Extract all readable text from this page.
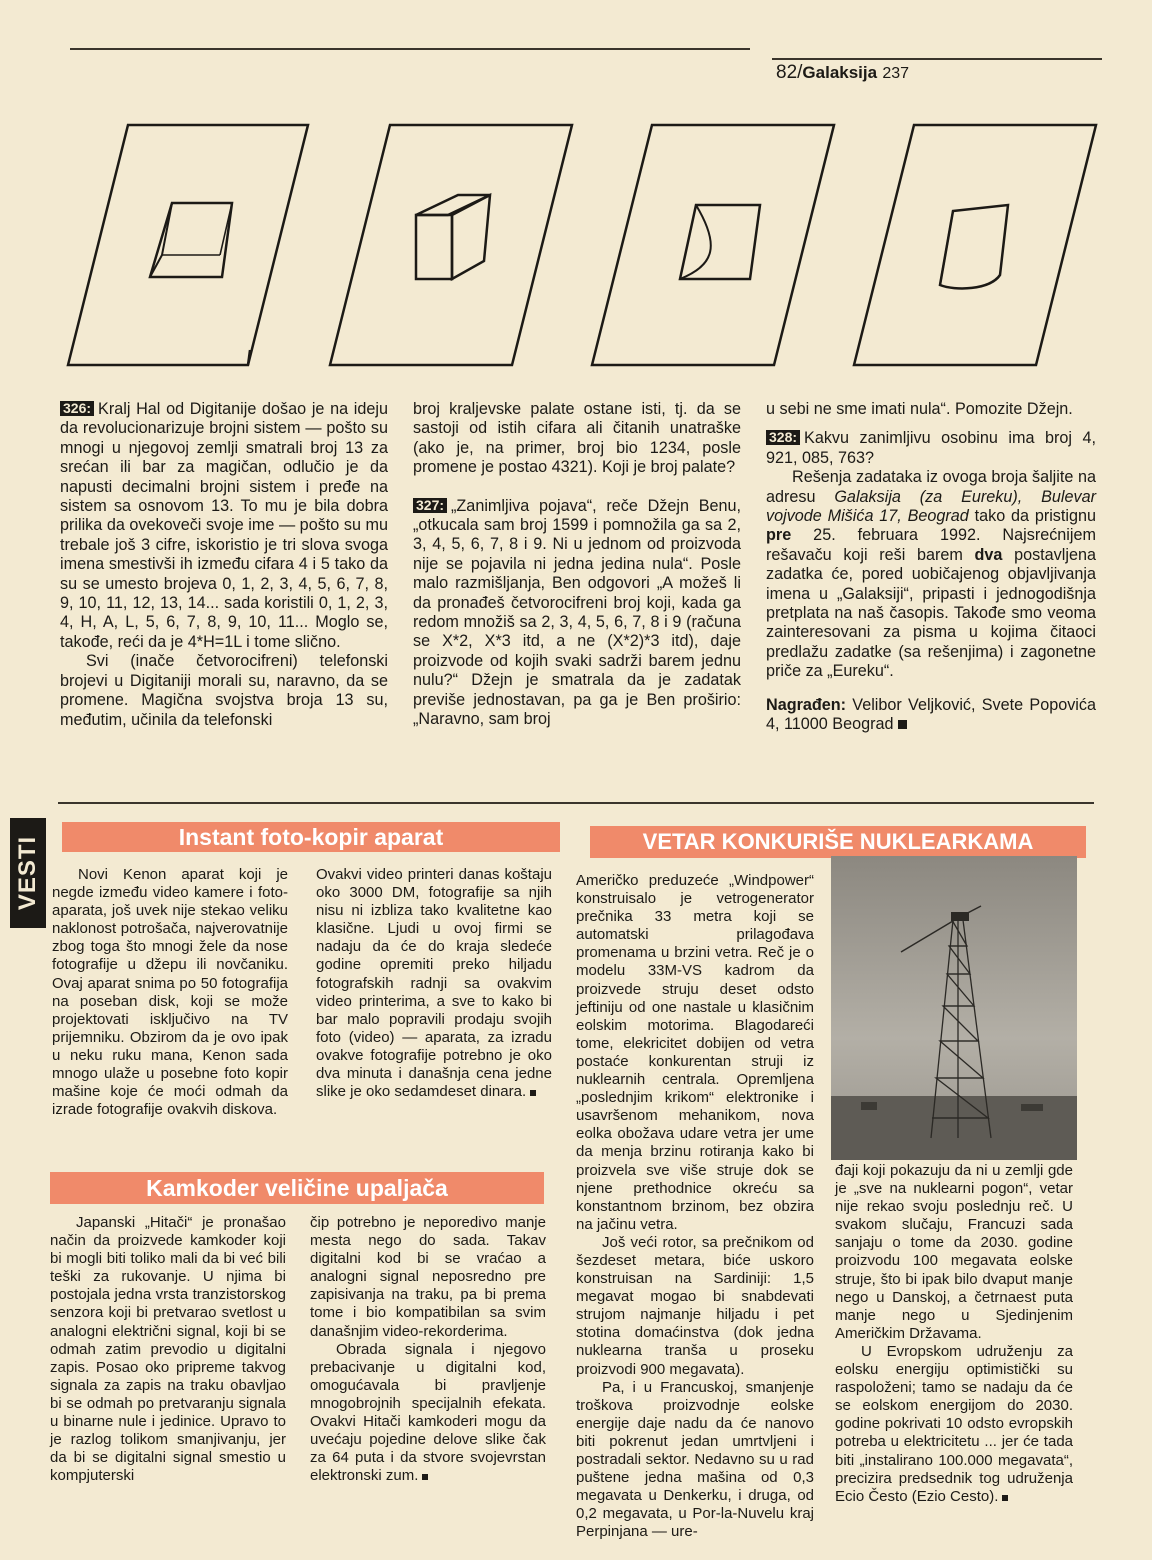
82/Galaksija 237

326: Kralj Hal od Digitanije došao je na ideju da revolucionarizuje brojni sistem — pošto su mnogi u njegovoj zemlji smatrali broj 13 za srećan ili bar za magičan, odlučio je da napusti decimalni brojni sistem i pređe na sistem sa osnovom 13. To mu je bila dobra prilika da ovekoveči svoje ime — pošto su mu trebale još 3 cifre, iskoristio je tri slova svoga imena smestivši ih između cifara 4 i 5 tako da su se umesto brojeva 0, 1, 2, 3, 4, 5, 6, 7, 8, 9, 10, 11, 12, 13, 14... sada koristili 0, 1, 2, 3, 4, H, A, L, 5, 6, 7, 8, 9, 10, 11... Moglo se, takođe, reći da je 4*H=1L i tome slično.

Svi (inače četvorocifreni) telefonski brojevi u Digitaniji morali su, naravno, da se promene. Magična svojstva broja 13 su, međutim, učinila da telefonski

broj kraljevske palate ostane isti, tj. da se sastoji od istih cifara ali čitanih unatraške (ako je, na primer, broj bio 1234, posle promene je postao 4321). Koji je broj palate?

327: „Zanimljiva pojava“, reče Džejn Benu, „otkucala sam broj 1599 i pomnožila ga sa 2, 3, 4, 5, 6, 7, 8 i 9. Ni u jednom od proizvoda nije se pojavila ni jedna jedina nula“. Posle malo razmišljanja, Ben odgovori „A možeš li da pronađeš četvorocifreni broj koji, kada ga redom množiš sa 2, 3, 4, 5, 6, 7, 8 i 9 (računa se X*2, X*3 itd, a ne (X*2)*3 itd), daje proizvode od kojih svaki sadrži barem jednu nulu?“ Džejn je smatrala da je zadatak previše jednostavan, pa ga je Ben proširio: „Naravno, sam broj

u sebi ne sme imati nula“. Pomozite Džejn.

328: Kakvu zanimljivu osobinu ima broj 4, 921, 085, 763?

Rešenja zadataka iz ovoga broja šaljite na adresu Galaksija (za Eureku), Bulevar vojvode Mišića 17, Beograd tako da pristignu pre 25. februara 1992. Najsrećnijem rešavaču koji reši barem dva postavljena zadatka će, pored uobičajenog objavljivanja imena u „Galaksiji“, pripasti i jednogodišnja pretplata na naš časopis. Takođe smo veoma zainteresovani za pisma u kojima čitaoci predlažu zadatke (sa rešenjima) i zagonetne priče za „Eureku“.

Nagrađen: Velibor Veljković, Svete Popovića 4, 11000 Beograd

VESTI	Instant foto-kopir aparat

Novi Kenon aparat koji je negde između video kamere i foto-aparata, još uvek nije stekao veliku naklonost potrošača, najverovatnije zbog toga što mnogi žele da nose fotografije u džepu ili novčaniku. Ovaj aparat snima po 50 fotografija na poseban disk, koji se može projektovati isključivo na TV prijemniku. Obzirom da je ovo ipak u neku ruku mana, Kenon sada mnogo ulaže u posebne foto kopir mašine koje će moći odmah da izrade fotografije ovakvih diskova.

Ovakvi video printeri danas koštaju oko 3000 DM, fotografije sa njih nisu ni izbliza tako kvalitetne kao klasične. Ljudi u ovoj firmi se nadaju da će do kraja sledeće godine opremiti preko hiljadu fotografskih radnji sa ovakvim video printerima, a sve to kako bi bar malo popravili prodaju svojih foto (video) — aparata, za izradu ovakve fotografije potrebno je oko dva minuta i današnja cena jedne slike je oko sedamdeset dinara.

Kamkoder veličine upaljača

Japanski „Hitači“ je pronašao način da proizvede kamkoder koji bi mogli biti toliko mali da bi već bili teški za rukovanje. U njima bi postojala jedna vrsta tranzistorskog senzora koji bi pretvarao svetlost u analogni električni signal, koji bi se odmah zatim prevodio u digitalni zapis. Posao oko pripreme takvog signala za zapis na traku obavljao bi se odmah po pretvaranju signala u binarne nule i jedinice. Upravo to je razlog tolikom smanjivanju, jer da bi se digitalni signal smestio u kompjuterski

čip potrebno je neporedivo manje mesta nego do sada. Takav digitalni kod bi se vraćao a analogni signal neposredno pre zapisivanja na traku, pa bi prema tome i bio kompatibilan sa svim današnjim video-rekorderima.

Obrada signala i njegovo prebacivanje u digitalni kod, omogućavala bi pravljenje mnogobrojnih specijalnih efekata. Ovakvi Hitači kamkoderi mogu da uvećaju pojedine delove slike čak za 64 puta i da stvore svojevrstan elektronski zum.

VETAR KONKURIŠE NUKLEARKAMA

Američko preduzeće „Windpower“ konstruisalo je vetrogenerator prečnika 33 metra koji se automatski prilagođava promenama u brzini vetra. Reč je o modelu 33M-VS kadrom da proizvede struju deset odsto jeftiniju od one nastale u klasičnim eolskim motorima. Blagodareći tome, elekricitet dobijen od vetra postaće konkurentan struji iz nuklearnih centrala. Opremljena „poslednjim krikom“ elektronike i usavršenom mehanikom, nova eolka obožava udare vetra jer ume da menja brzinu rotiranja kako bi proizvela sve više struje dok se njene prethodnice okreću sa konstantnom brzinom, bez obzira na jačinu vetra.

Još veći rotor, sa prečnikom od šezdeset metara, biće uskoro konstruisan na Sardiniji: 1,5 megavat mogao bi snabdevati strujom najmanje hiljadu i pet stotina domaćinstva (dok jedna nuklearna tranša u proseku proizvodi 900 megavata).

Pa, i u Francuskoj, smanjenje troškova proizvodnje eolske energije daje nadu da će nanovo biti pokrenut jedan umrtvljeni i postradali sektor. Nedavno su u rad puštene jedna mašina od 0,3 megavata u Denkerku, i druga, od 0,2 megavata, u Por-la-Nuvelu kraj Perpinjana — ure-

đaji koji pokazuju da ni u zemlji gde je „sve na nuklearni pogon“, vetar nije rekao svoju poslednju reč. U svakom slučaju, Francuzi sada sanjaju o tome da 2030. godine proizvodu 100 megavata eolske struje, što bi ipak bilo dvaput manje nego u Danskoj, a četrnaest puta manje nego u Sjedinjenim Američkim Državama.

U Evropskom udruženju za eolsku energiju optimistički su raspoloženi; tamo se nadaju da će se eolskom energijom do 2030. godine pokrivati 10 odsto evropskih potreba u elektricitetu ... jer će tada biti „instalirano 100.000 megavata“, precizira predsednik tog udruženja Ecio Često (Ezio Cesto).
